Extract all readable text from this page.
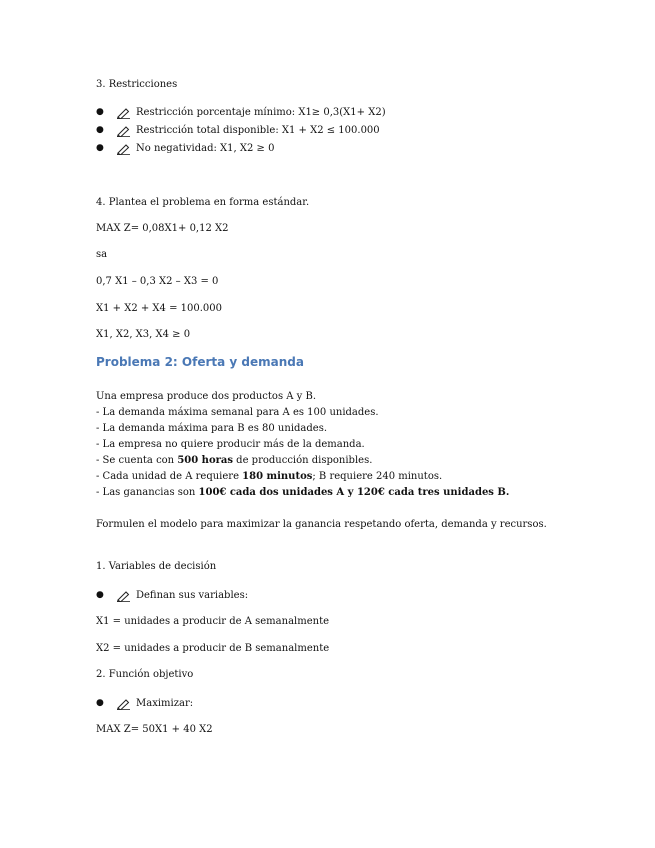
3. Restricciones
●	Restricción porcentaje mínimo: X1≥ 0,3(X1+ X2)
●	Restricción total disponible: X1 + X2 ≤ 100.000
●	No negatividad: X1, X2 ≥ 0
4. Plantea el problema en forma estándar.
MAX Z= 0,08X1+ 0,12 X2
sa
0,7 X1 – 0,3 X2 – X3 = 0
X1 + X2 + X4 = 100.000
X1, X2, X3, X4 ≥ 0
Problema 2: Oferta y demanda
Una empresa produce dos productos A y B.
- La demanda máxima semanal para A es 100 unidades.
- La demanda máxima para B es 80 unidades.
- La empresa no quiere producir más de la demanda.
- Se cuenta con 500 horas de producción disponibles.
- Cada unidad de A requiere 180 minutos; B requiere 240 minutos.
- Las ganancias son 100€ cada dos unidades A y 120€ cada tres unidades B.
Formulen el modelo para maximizar la ganancia respetando oferta, demanda y recursos.
1. Variables de decisión
●	Definan sus variables:
X1 = unidades a producir de A semanalmente
X2 = unidades a producir de B semanalmente
2. Función objetivo
●	Maximizar:
MAX Z= 50X1 + 40 X2
